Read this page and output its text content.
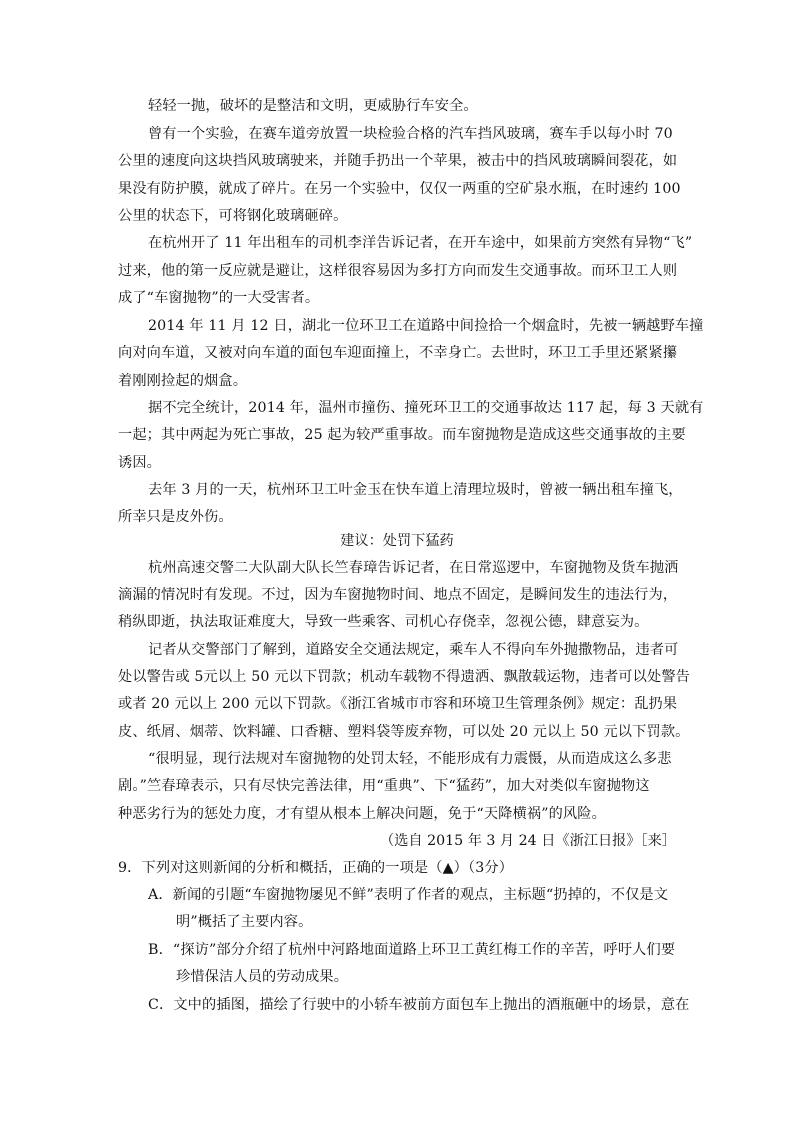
轻轻一抛，破坏的是整洁和文明，更威胁行车安全。
曾有一个实验，在赛车道旁放置一块检验合格的汽车挡风玻璃，赛车手以每小时 70
公里的速度向这块挡风玻璃驶来，并随手扔出一个苹果，被击中的挡风玻璃瞬间裂花，如
果没有防护膜，就成了碎片。在另一个实验中，仅仅一两重的空矿泉水瓶，在时速约 100
公里的状态下，可将钢化玻璃砸碎。
在杭州开了 11 年出租车的司机李洋告诉记者，在开车途中，如果前方突然有异物“飞”
过来，他的第一反应就是避让，这样很容易因为多打方向而发生交通事故。而环卫工人则
成了“车窗抛物”的一大受害者。
2014 年 11 月 12 日，湖北一位环卫工在道路中间捡拾一个烟盒时，先被一辆越野车撞
向对向车道，又被对向车道的面包车迎面撞上，不幸身亡。去世时，环卫工手里还紧紧攥
着刚刚捡起的烟盒。
据不完全统计，2014 年，温州市撞伤、撞死环卫工的交通事故达 117 起，每 3 天就有
一起；其中两起为死亡事故，25 起为较严重事故。而车窗抛物是造成这些交通事故的主要
诱因。
去年 3 月的一天，杭州环卫工叶金玉在快车道上清理垃圾时，曾被一辆出租车撞飞，
所幸只是皮外伤。
建议：处罚下猛药
杭州高速交警二大队副大队长竺春璋告诉记者，在日常巡逻中，车窗抛物及货车抛洒
滴漏的情况时有发现。不过，因为车窗抛物时间、地点不固定，是瞬间发生的违法行为，
稍纵即逝，执法取证难度大，导致一些乘客、司机心存侥幸，忽视公德，肆意妄为。
记者从交警部门了解到，道路安全交通法规定，乘车人不得向车外抛撒物品，违者可
处以警告或 5元以上 50 元以下罚款；机动车载物不得遗洒、飘散载运物，违者可以处警告
或者 20 元以上 200 元以下罚款。《浙江省城市市容和环境卫生管理条例》规定：乱扔果
皮、纸屑、烟蒂、饮料罐、口香糖、塑料袋等废弃物，可以处 20 元以上 50 元以下罚款。
“很明显，现行法规对车窗抛物的处罚太轻，不能形成有力震慑，从而造成这么多悲
剧。”竺春璋表示，只有尽快完善法律，用“重典”、下“猛药”，加大对类似车窗抛物这
种恶劣行为的惩处力度，才有望从根本上解决问题，免于“天降横祸”的风险。
（选自 2015 年 3 月 24 日《浙江日报》［来］
9．下列对这则新闻的分析和概括，正确的一项是（▲）（3分）
A．新闻的引题“车窗抛物屡见不鲜”表明了作者的观点，主标题“扔掉的，不仅是文
明”概括了主要内容。
B．“探访”部分介绍了杭州中河路地面道路上环卫工黄红梅工作的辛苦，呼吁人们要
珍惜保洁人员的劳动成果。
C．文中的插图，描绘了行驶中的小轿车被前方面包车上抛出的酒瓶砸中的场景，意在
